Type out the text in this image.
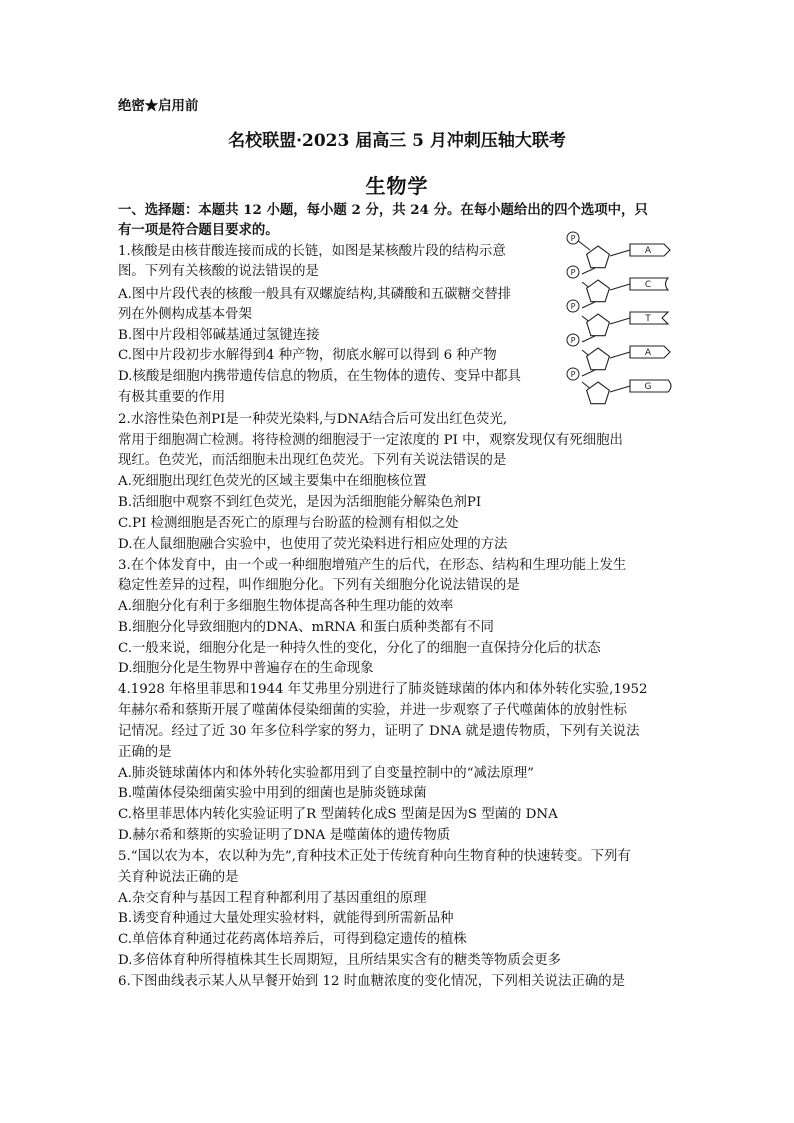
绝密★启用前
名校联盟·2023 届高三 5 月冲刺压轴大联考
生物学
一、选择题：本题共 12 小题，每小题 2 分，共 24 分。在每小题给出的四个选项中，只
有一项是符合题目要求的。
1.核酸是由核苷酸连接而成的长链，如图是某核酸片段的结构示意
图。下列有关核酸的说法错误的是
A.图中片段代表的核酸一般具有双螺旋结构,其磷酸和五碳糖交替排
列在外侧构成基本骨架
B.图中片段相邻碱基通过氢键连接
C.图中片段初步水解得到4 种产物，彻底水解可以得到 6 种产物
D.核酸是细胞内携带遗传信息的物质，在生物体的遗传、变异中都具
有极其重要的作用
P
A
C
P
T
P
A
P
G
P
2.水溶性染色剂PI是一种荧光染料,与DNA结合后可发出红色荧光,
常用于细胞凋亡检测。将待检测的细胞浸于一定浓度的 PI 中，观察发现仅有死细胞出
现红。色荧光，而活细胞未出现红色荧光。下列有关说法错误的是
A.死细胞出现红色荧光的区域主要集中在细胞核位置
B.活细胞中观察不到红色荧光，是因为活细胞能分解染色剂PI
C.PI 检测细胞是否死亡的原理与台盼蓝的检测有相似之处
D.在人鼠细胞融合实验中，也使用了荧光染料进行相应处理的方法
3.在个体发育中，由一个或一种细胞增殖产生的后代，在形态、结构和生理功能上发生
稳定性差异的过程，叫作细胞分化。下列有关细胞分化说法错误的是
A.细胞分化有利于多细胞生物体提高各种生理功能的效率
B.细胞分化导致细胞内的DNA、mRNA 和蛋白质种类都有不同
C.一般来说，细胞分化是一种持久性的变化，分化了的细胞一直保持分化后的状态
D.细胞分化是生物界中普遍存在的生命现象
4.1928 年格里菲思和1944 年艾弗里分别进行了肺炎链球菌的体内和体外转化实验,1952
年赫尔希和蔡斯开展了噬菌体侵染细菌的实验，并进一步观察了子代噬菌体的放射性标
记情况。经过了近 30 年多位科学家的努力，证明了 DNA 就是遗传物质，下列有关说法
正确的是
A.肺炎链球菌体内和体外转化实验都用到了自变量控制中的“减法原理”
B.噬菌体侵染细菌实验中用到的细菌也是肺炎链球菌
C.格里菲思体内转化实验证明了R 型菌转化成S 型菌是因为S 型菌的 DNA
D.赫尔希和蔡斯的实验证明了DNA 是噬菌体的遗传物质
5.“国以农为本，农以种为先”,育种技术正处于传统育种向生物育种的快速转变。下列有
关育种说法正确的是
A.杂交育种与基因工程育种都利用了基因重组的原理
B.诱变育种通过大量处理实验材料，就能得到所需新品种
C.单倍体育种通过花药离体培养后，可得到稳定遗传的植株
D.多倍体育种所得植株其生长周期短，且所结果实含有的糖类等物质会更多
6.下图曲线表示某人从早餐开始到 12 时血糖浓度的变化情况，下列相关说法正确的是
